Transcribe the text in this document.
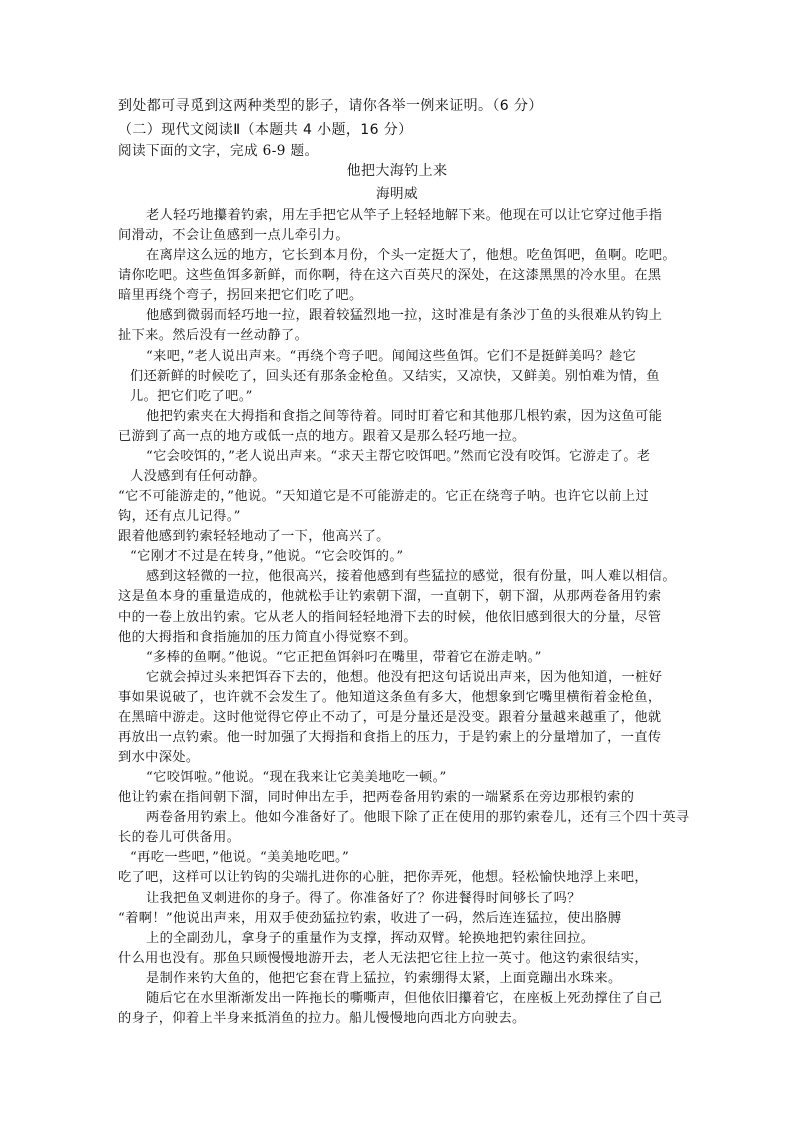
到处都可寻觅到这两种类型的影子，请你各举一例来证明。（6 分）
（二）现代文阅读Ⅱ（本题共 4 小题，16 分）
阅读下面的文字，完成 6-9 题。
他把大海钓上来
海明威
老人轻巧地攥着钓索，用左手把它从竿子上轻轻地解下来。他现在可以让它穿过他手指
间滑动，不会让鱼感到一点儿牵引力。
在离岸这么远的地方，它长到本月份，个头一定挺大了，他想。吃鱼饵吧，鱼啊。吃吧。
请你吃吧。这些鱼饵多新鲜，而你啊，待在这六百英尺的深处，在这漆黑黑的冷水里。在黑
暗里再绕个弯子，拐回来把它们吃了吧。
他感到微弱而轻巧地一拉，跟着较猛烈地一拉，这时准是有条沙丁鱼的头很难从钓钩上
扯下来。然后没有一丝动静了。
“来吧，”老人说出声来。“再绕个弯子吧。闻闻这些鱼饵。它们不是挺鲜美吗？趁它
们还新鲜的时候吃了，回头还有那条金枪鱼。又结实，又凉快，又鲜美。别怕难为情，鱼
儿。把它们吃了吧。”
他把钓索夹在大拇指和食指之间等待着。同时盯着它和其他那几根钓索，因为这鱼可能
已游到了高一点的地方或低一点的地方。跟着又是那么轻巧地一拉。
“它会咬饵的，”老人说出声来。“求天主帮它咬饵吧。”然而它没有咬饵。它游走了。老
人没感到有任何动静。
“它不可能游走的，”他说。“天知道它是不可能游走的。它正在绕弯子呐。也许它以前上过
钩，还有点儿记得。”
跟着他感到钓索轻轻地动了一下，他高兴了。
“它刚才不过是在转身，”他说。“它会咬饵的。”
感到这轻微的一拉，他很高兴，接着他感到有些猛拉的感觉，很有份量，叫人难以相信。
这是鱼本身的重量造成的，他就松手让钓索朝下溜，一直朝下，朝下溜，从那两卷备用钓索
中的一卷上放出钓索。它从老人的指间轻轻地滑下去的时候，他依旧感到很大的分量，尽管
他的大拇指和食指施加的压力简直小得觉察不到。
“多棒的鱼啊。”他说。“它正把鱼饵斜叼在嘴里，带着它在游走呐。”
它就会掉过头来把饵吞下去的，他想。他没有把这句话说出声来，因为他知道，一桩好
事如果说破了，也许就不会发生了。他知道这条鱼有多大，他想象到它嘴里横衔着金枪鱼，
在黑暗中游走。这时他觉得它停止不动了，可是分量还是没变。跟着分量越来越重了，他就
再放出一点钓索。他一时加强了大拇指和食指上的压力，于是钓索上的分量增加了，一直传
到水中深处。
“它咬饵啦。”他说。“现在我来让它美美地吃一顿。”
他让钓索在指间朝下溜，同时伸出左手，把两卷备用钓索的一端紧系在旁边那根钓索的
两卷备用钓索上。他如今准备好了。他眼下除了正在使用的那钓索卷儿，还有三个四十英寻
长的卷儿可供备用。
“再吃一些吧，”他说。“美美地吃吧。”
吃了吧，这样可以让钓钩的尖端扎进你的心脏，把你弄死，他想。轻松愉快地浮上来吧，
让我把鱼叉刺进你的身子。得了。你准备好了？你进餐得时间够长了吗？
“着啊！”他说出声来，用双手使劲猛拉钓索，收进了一码，然后连连猛拉，使出胳膊
上的全副劲儿，拿身子的重量作为支撑，挥动双臂。轮换地把钓索往回拉。
什么用也没有。那鱼只顾慢慢地游开去，老人无法把它往上拉一英寸。他这钓索很结实，
是制作来钓大鱼的，他把它套在背上猛拉，钓索绷得太紧，上面竟蹦出水珠来。
随后它在水里渐渐发出一阵拖长的嘶嘶声，但他依旧攥着它，在座板上死劲撑住了自己
的身子，仰着上半身来抵消鱼的拉力。船儿慢慢地向西北方向驶去。
